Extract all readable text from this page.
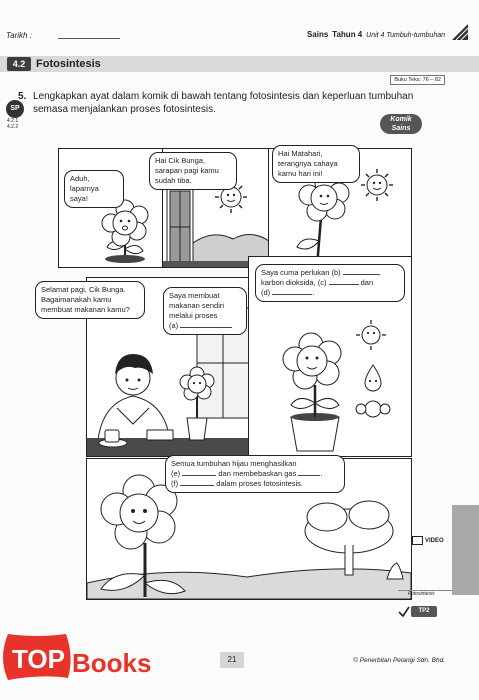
Tarikh :	Sains Tahun 4 Unit 4 Tumbuh-tumbuhan
4.2 Fotosintesis
Buku Teks: 76 – 82
SP
4.2.1
4.2.2
5. Lengkapkan ayat dalam komik di bawah tentang fotosintesis dan keperluan tumbuhan semasa menjalankan proses fotosintesis.
Komik
Sains
Aduh, laparnya saya!
Hai Cik Bunga, sarapan pagi kamu sudah tiba.
Hai Matahari, terangnya cahaya kamu hari ini!
Selamat pagi, Cik Bunga. Bagaimanakah kamu membuat makanan kamu?
Saya membuat makanan sendiri melalui proses
(a)
Saya cuma perlukan (b)	,
karbon dioksida, (c)	dan
(d)	.
Semua tumbuhan hijau menghasilkan
(e)	dan membebaskan gas	.
(f)	dalam proses fotosintesis.
VIDEO
Fotosintesis
TP2
21	© Penerbitan Pelangi Sdn. Bhd.
TOP Books
